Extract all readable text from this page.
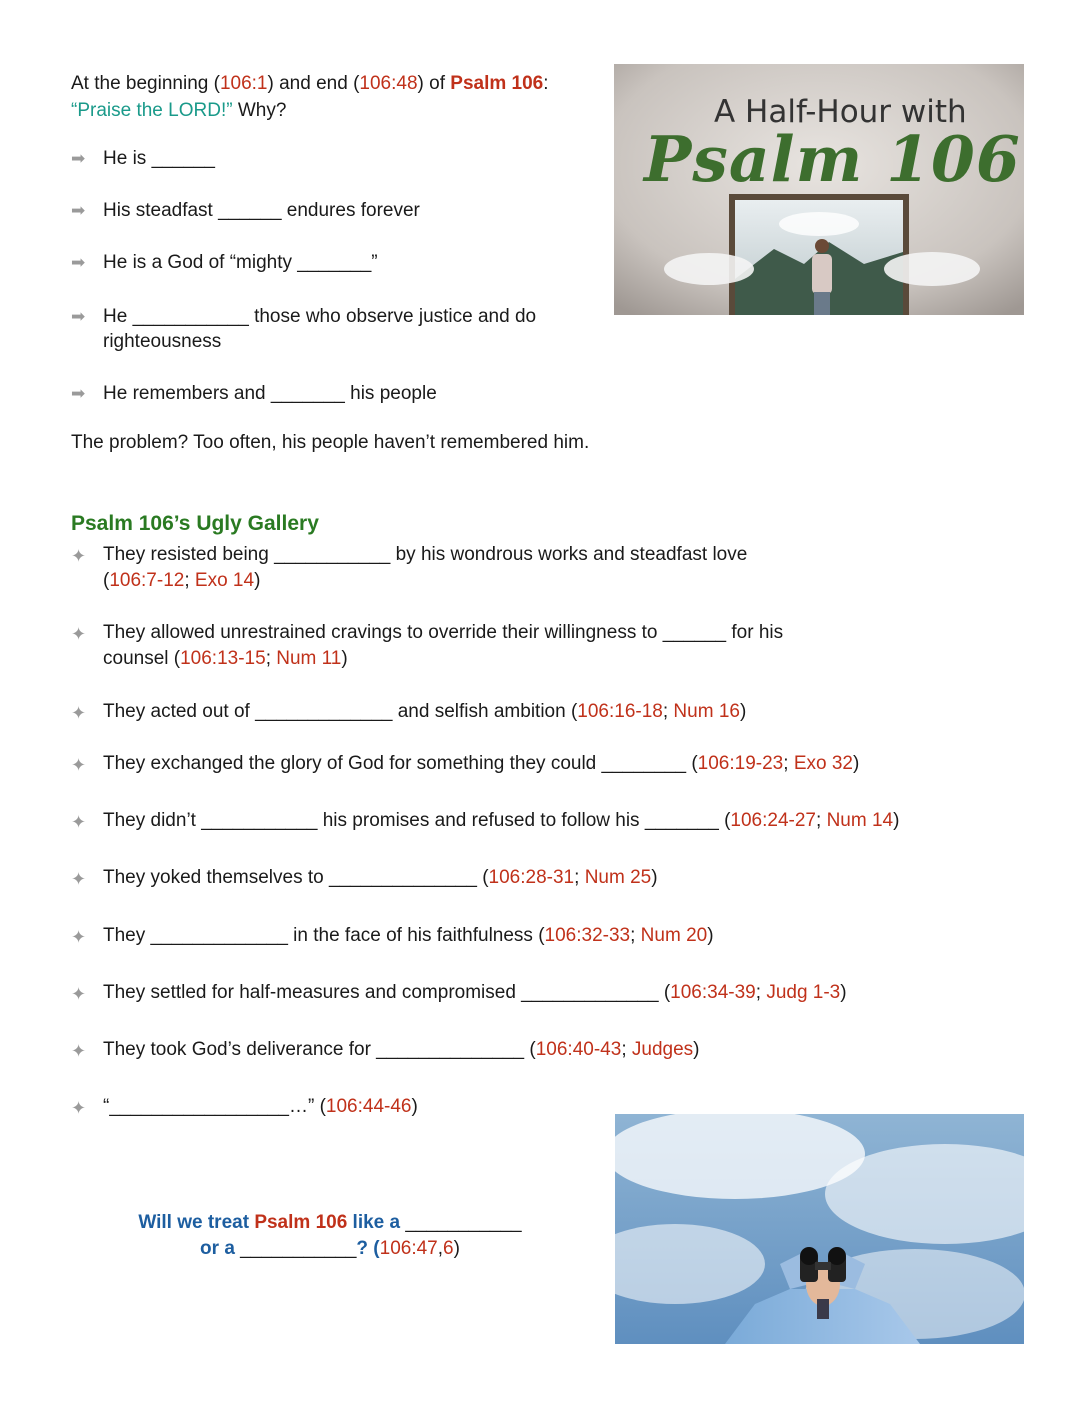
At the beginning (106:1) and end (106:48) of Psalm 106:
“Praise the LORD!” Why?
➡ He is ______
➡ His steadfast ______ endures forever
➡ He is a God of “mighty _______”
➡ He ___________ those who observe justice and do righteousness
➡ He remembers and _______ his people
The problem? Too often, his people haven’t remembered him.
Psalm 106’s Ugly Gallery
✦ They resisted being ___________ by his wondrous works and steadfast love (106:7-12; Exo 14)
✦ They allowed unrestrained cravings to override their willingness to ______ for his counsel (106:13-15; Num 11)
✦ They acted out of _____________ and selfish ambition (106:16-18; Num 16)
✦ They exchanged the glory of God for something they could ________ (106:19-23; Exo 32)
✦ They didn’t ___________ his promises and refused to follow his _______ (106:24-27; Num 14)
✦ They yoked themselves to ______________ (106:28-31; Num 25)
✦ They _____________ in the face of his faithfulness (106:32-33; Num 20)
✦ They settled for half-measures and compromised _____________ (106:34-39; Judg 1-3)
✦ They took God’s deliverance for ______________ (106:40-43; Judges)
✦ “_________________…” (106:44-46)
Will we treat Psalm 106 like a ___________
or a ___________? (106:47,6)
A Half-Hour with
Psalm 106
